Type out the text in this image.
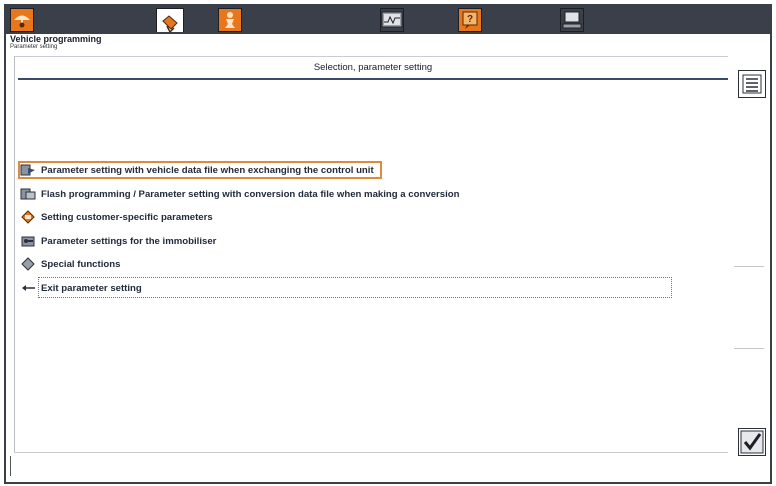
?
Vehicle programming
Parameter setting
Selection, parameter setting
Parameter setting with vehicle data file when exchanging the control unit
Flash programming / Parameter setting with conversion data file when making a conversion
Setting customer-specific parameters
Parameter settings for the immobiliser
Special functions
Exit parameter setting
